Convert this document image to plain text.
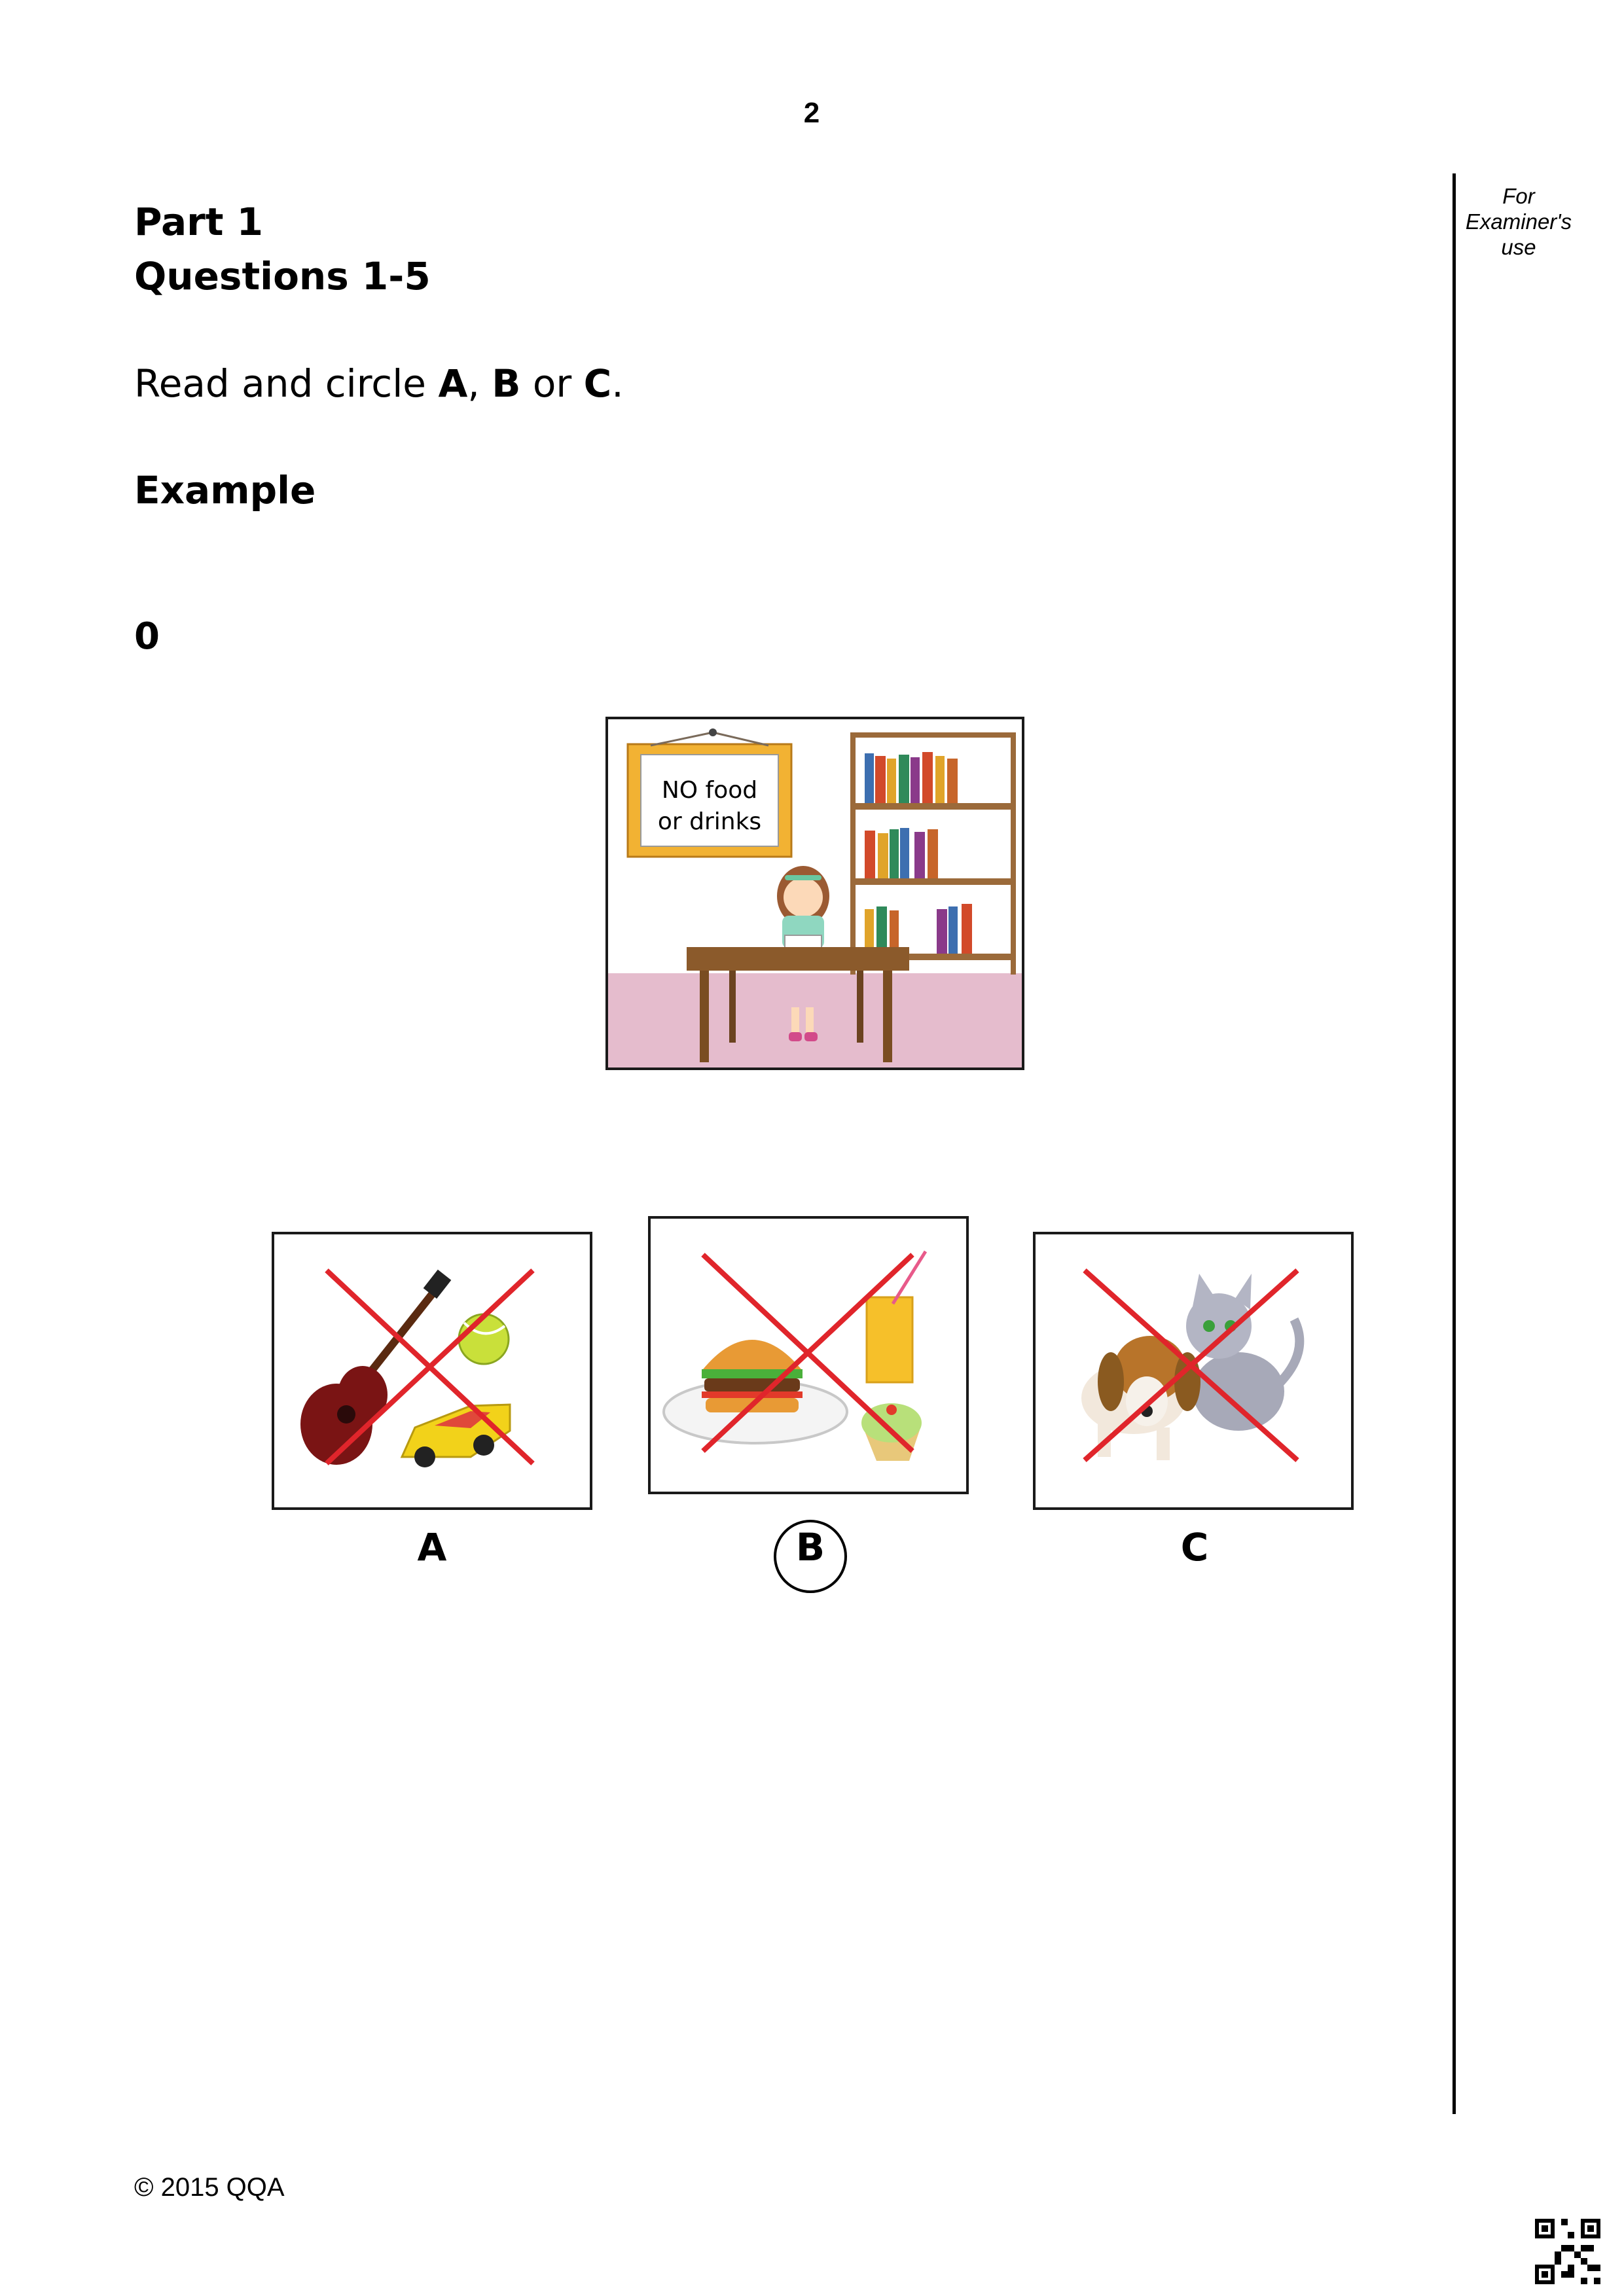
2
For
Examiner's
use
Part 1
Questions 1-5
Read and circle A, B or C.
Example
0
NO food
or drinks
A	B	C
© 2015 QQA
